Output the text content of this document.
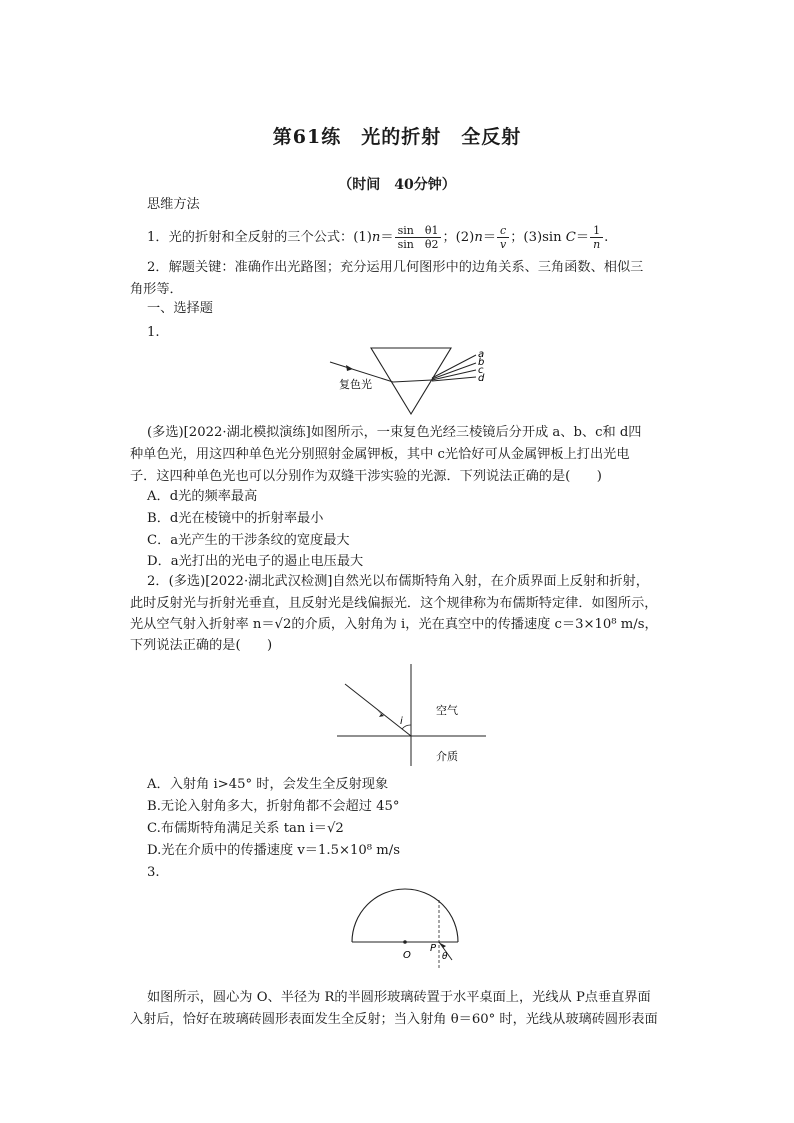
第61练　光的折射　全反射
（时间　40分钟）
思维方法
1．光的折射和全反射的三个公式：$(1)n= \frac{\text{sin　θ1}}{\text{sin　θ2}}$ ；$(2)n= \frac{c}{v}$ ；(3)sin $C= \frac{1}{n}$ .
2．解题关键：准确作出光路图；充分运用几何图形中的边角关系、三角函数、相似三
角形等．
一、选择题
1.
a
b
c
d
复色光
(多选)[2022·湖北模拟演练]如图所示，一束复色光经三棱镜后分开成 a、b、c和 d四
种单色光，用这四种单色光分别照射金属钾板，其中 c光恰好可从金属钾板上打出光电
子．这四种单色光也可以分别作为双缝干涉实验的光源．下列说法正确的是(　　)
A．d光的频率最高
B．d光在棱镜中的折射率最小
C．a光产生的干涉条纹的宽度最大
D．a光打出的光电子的遏止电压最大
2．(多选)[2022·湖北武汉检测]自然光以布儒斯特角入射，在介质界面上反射和折射，
此时反射光与折射光垂直，且反射光是线偏振光．这个规律称为布儒斯特定律．如图所示，
光从空气射入折射率 n＝√2的介质，入射角为 i，光在真空中的传播速度 c＝3×10⁸ m/s，
下列说法正确的是(　　)
i
空气
介质
A．入射角 i>45° 时，会发生全反射现象
B.无论入射角多大，折射角都不会超过 45°
C.布儒斯特角满足关系 tan i＝√2
D.光在介质中的传播速度 v＝1.5×10⁸ m/s
3.
O
P
θ
如图所示，圆心为 O、半径为 R的半圆形玻璃砖置于水平桌面上，光线从 P点垂直界面
入射后，恰好在玻璃砖圆形表面发生全反射；当入射角 θ＝60° 时，光线从玻璃砖圆形表面
